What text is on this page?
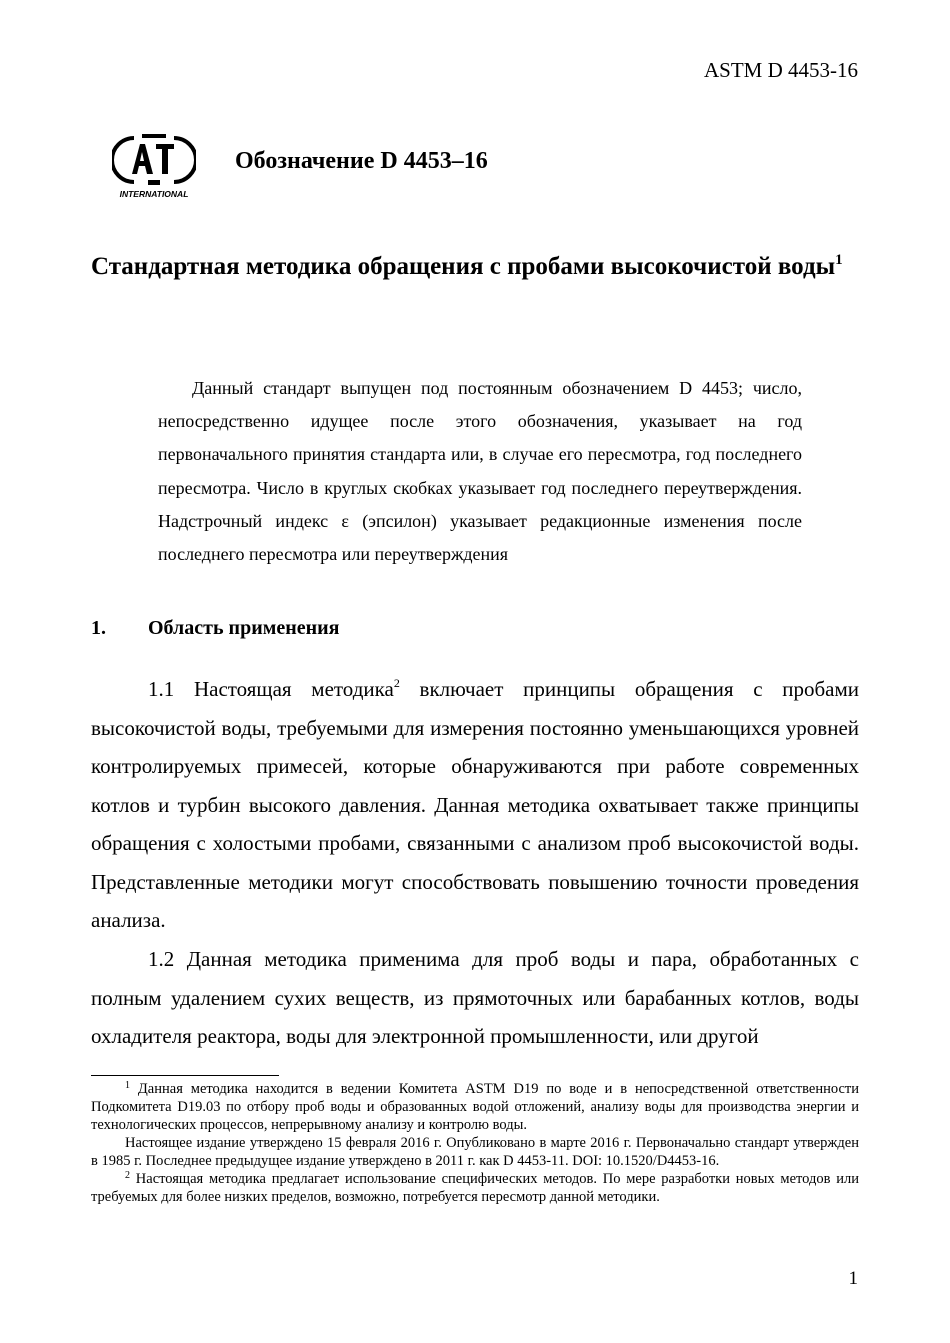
ASTM D 4453-16
INTERNATIONAL
Обозначение D 4453–16
Стандартная методика обращения с пробами высокочистой воды$^1$

Данный стандарт выпущен под постоянным обозначением D 4453; число, непосредственно идущее после этого обозначения, указывает на год первоначального принятия стандарта или, в случае его пересмотра, год последнего пересмотра. Число в круглых скобках указывает год последнего переутверждения. Надстрочный индекс ε (эпсилон) указывает редакционные изменения после последнего пересмотра или переутверждения

1. Область применения

1.1 Настоящая методика$^2$ включает принципы обращения с пробами высокочистой воды, требуемыми для измерения постоянно уменьшающихся уровней контролируемых примесей, которые обнаруживаются при работе современных котлов и турбин высокого давления. Данная методика охватывает также принципы обращения с холостыми пробами, связанными с анализом проб высокочистой воды. Представленные методики могут способствовать повышению точности проведения анализа.

1.2 Данная методика применима для проб воды и пара, обработанных с полным удалением сухих веществ, из прямоточных или барабанных котлов, воды охладителя реактора, воды для электронной промышленности, или другой

$^1$ Данная методика находится в ведении Комитета ASTM D19 по воде и в непосредственной ответственности Подкомитета D19.03 по отбору проб воды и образованных водой отложений, анализу воды для производства энергии и технологических процессов, непрерывному анализу и контролю воды.

Настоящее издание утверждено 15 февраля 2016 г. Опубликовано в марте 2016 г. Первоначально стандарт утвержден в 1985 г. Последнее предыдущее издание утверждено в 2011 г. как D 4453-11. DOI: 10.1520/D4453-16.

$^2$ Настоящая методика предлагает использование специфических методов. По мере разработки новых методов или требуемых для более низких пределов, возможно, потребуется пересмотр данной методики.

1
